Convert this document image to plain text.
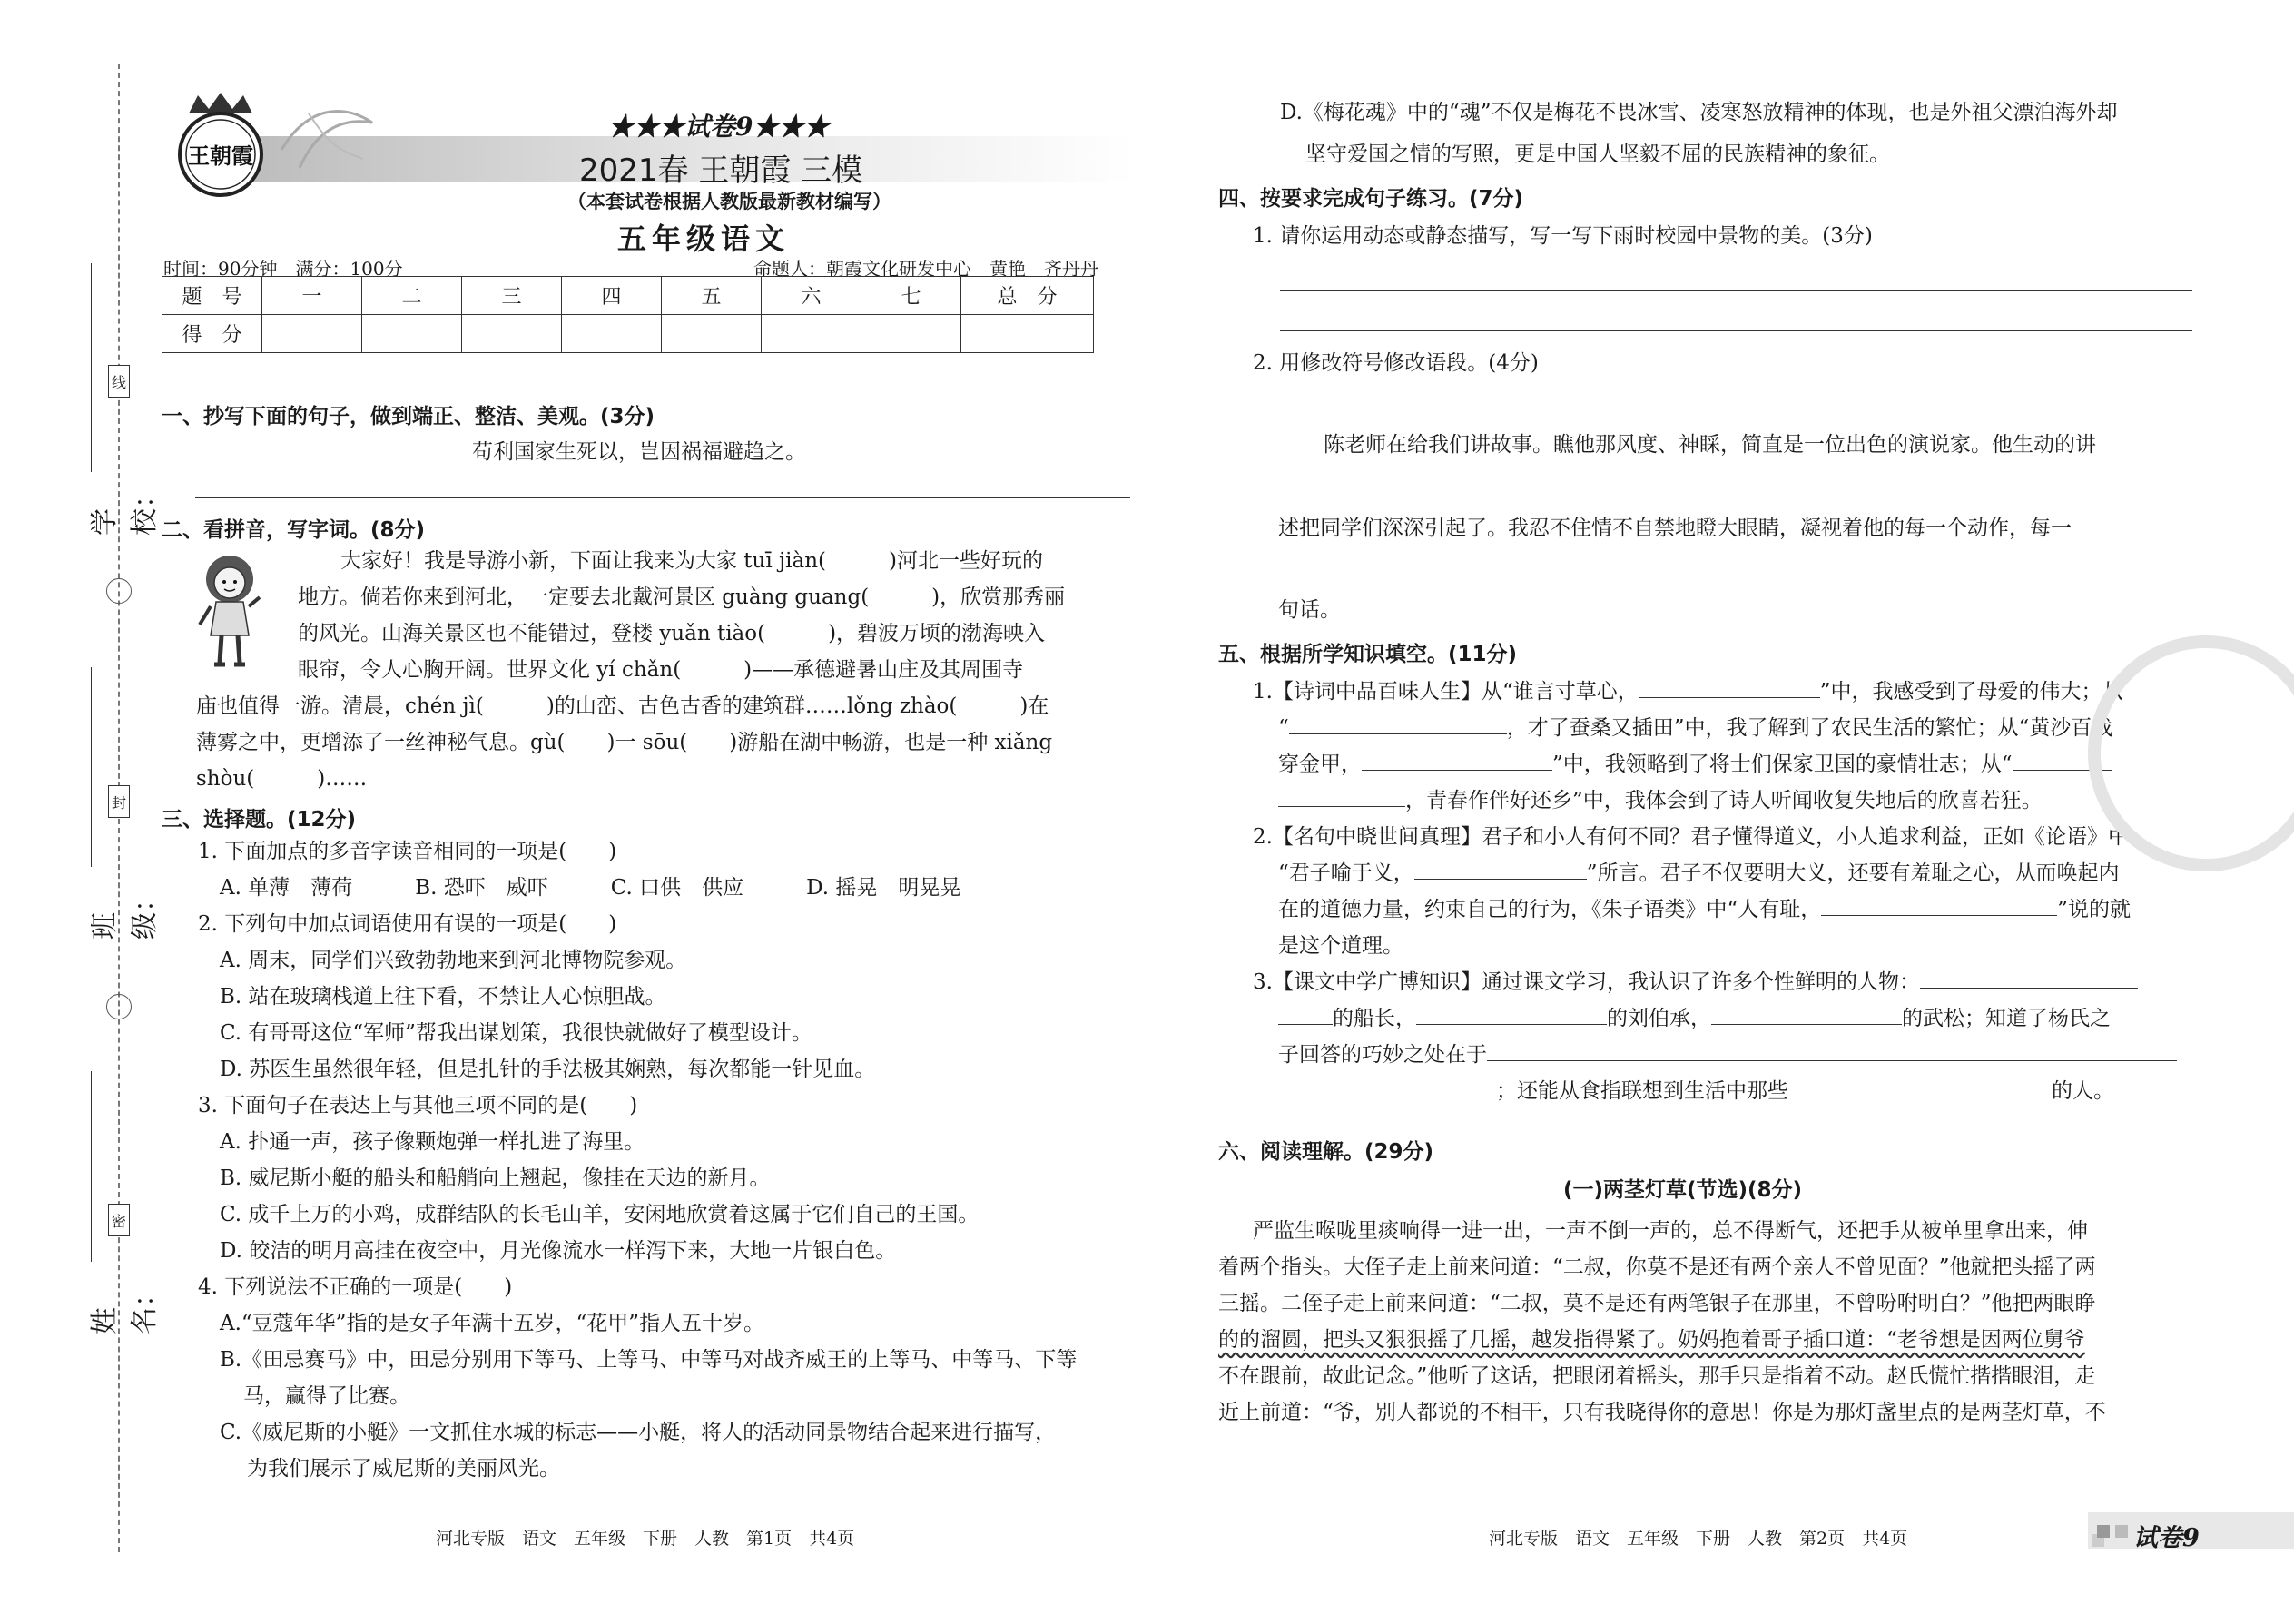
线
封
密
学校：
班级：
姓名：
王朝霞
★★★试卷9★★★
2021春 王朝霞 三模
（本套试卷根据人教版最新教材编写）
五年级语文
时间：90分钟　满分：100分	命题人：朝霞文化研发中心　黄艳　齐丹丹
题　号	一	二	三	四	五	六	七	总　分
得　分								
一、抄写下面的句子，做到端正、整洁、美观。(3分)
苟利国家生死以，岂因祸福避趋之。
二、看拼音，写字词。(8分)
大家好！我是导游小新，下面让我来为大家 tuī jiàn(　　　)河北一些好玩的
地方。倘若你来到河北，一定要去北戴河景区 guàng guang(　　　)，欣赏那秀丽
的风光。山海关景区也不能错过，登楼 yuǎn tiào(　　　)，碧波万顷的渤海映入
眼帘，令人心胸开阔。世界文化 yí chǎn(　　　)——承德避暑山庄及其周围寺
庙也值得一游。清晨，chén jì(　　　)的山峦、古色古香的建筑群……lǒng zhào(　　　)在
薄雾之中，更增添了一丝神秘气息。gù(　　)一 sōu(　　)游船在湖中畅游，也是一种 xiǎng
shòu(　　　)……
三、选择题。(12分)
1. 下面加点的多音字读音相同的一项是(　　)
A. 单薄　薄荷　　　B. 恐吓　威吓　　　C. 口供　供应　　　D. 摇晃　明晃晃
2. 下列句中加点词语使用有误的一项是(　　)
A. 周末，同学们兴致勃勃地来到河北博物院参观。
B. 站在玻璃栈道上往下看，不禁让人心惊胆战。
C. 有哥哥这位“军师”帮我出谋划策，我很快就做好了模型设计。
D. 苏医生虽然很年轻，但是扎针的手法极其娴熟，每次都能一针见血。
3. 下面句子在表达上与其他三项不同的是(　　)
A. 扑通一声，孩子像颗炮弹一样扎进了海里。
B. 威尼斯小艇的船头和船艄向上翘起，像挂在天边的新月。
C. 成千上万的小鸡，成群结队的长毛山羊，安闲地欣赏着这属于它们自己的王国。
D. 皎洁的明月高挂在夜空中，月光像流水一样泻下来，大地一片银白色。
4. 下列说法不正确的一项是(　　)
A.“豆蔻年华”指的是女子年满十五岁，“花甲”指人五十岁。
B.《田忌赛马》中，田忌分别用下等马、上等马、中等马对战齐威王的上等马、中等马、下等
马，赢得了比赛。
C.《威尼斯的小艇》一文抓住水城的标志——小艇，将人的活动同景物结合起来进行描写，
为我们展示了威尼斯的美丽风光。
D.《梅花魂》中的“魂”不仅是梅花不畏冰雪、凌寒怒放精神的体现，也是外祖父漂泊海外却
坚守爱国之情的写照，更是中国人坚毅不屈的民族精神的象征。
四、按要求完成句子练习。(7分)
1. 请你运用动态或静态描写，写一写下雨时校园中景物的美。(3分)
2. 用修改符号修改语段。(4分)
陈老师在给我们讲故事。瞧他那风度、神睬，简直是一位出色的演说家。他生动的讲
述把同学们深深引起了。我忍不住情不自禁地瞪大眼睛，凝视着他的每一个动作，每一
句话。
五、根据所学知识填空。(11分)
1.【诗词中品百味人生】从“谁言寸草心，	”中，我感受到了母爱的伟大；从
“	，才了蚕桑又插田”中，我了解到了农民生活的繁忙；从“黄沙百战
穿金甲，	”中，我领略到了将士们保家卫国的豪情壮志；从“
，青春作伴好还乡”中，我体会到了诗人听闻收复失地后的欣喜若狂。
2.【名句中晓世间真理】君子和小人有何不同？君子懂得道义，小人追求利益，正如《论语》中
“君子喻于义，	”所言。君子不仅要明大义，还要有羞耻之心，从而唤起内
在的道德力量，约束自己的行为，《朱子语类》中“人有耻，	”说的就
是这个道理。
3.【课文中学广博知识】通过课文学习，我认识了许多个性鲜明的人物：
的船长，	的刘伯承，	的武松；知道了杨氏之
子回答的巧妙之处在于
；还能从食指联想到生活中那些	的人。
六、阅读理解。(29分)
(一)两茎灯草(节选)(8分)
严监生喉咙里痰响得一进一出，一声不倒一声的，总不得断气，还把手从被单里拿出来，伸
着两个指头。大侄子走上前来问道：“二叔，你莫不是还有两个亲人不曾见面？”他就把头摇了两
三摇。二侄子走上前来问道：“二叔，莫不是还有两笔银子在那里，不曾吩咐明白？”他把两眼睁
的的溜圆，把头又狠狠摇了几摇，越发指得紧了。奶妈抱着哥子插口道：“老爷想是因两位舅爷
不在跟前，故此记念。”他听了这话，把眼闭着摇头，那手只是指着不动。赵氏慌忙揩揩眼泪，走
近上前道：“爷，别人都说的不相干，只有我晓得你的意思！你是为那灯盏里点的是两茎灯草，不
河北专版　语文　五年级　下册　人教　第1页　共4页	河北专版　语文　五年级　下册　人教　第2页　共4页	试卷9
